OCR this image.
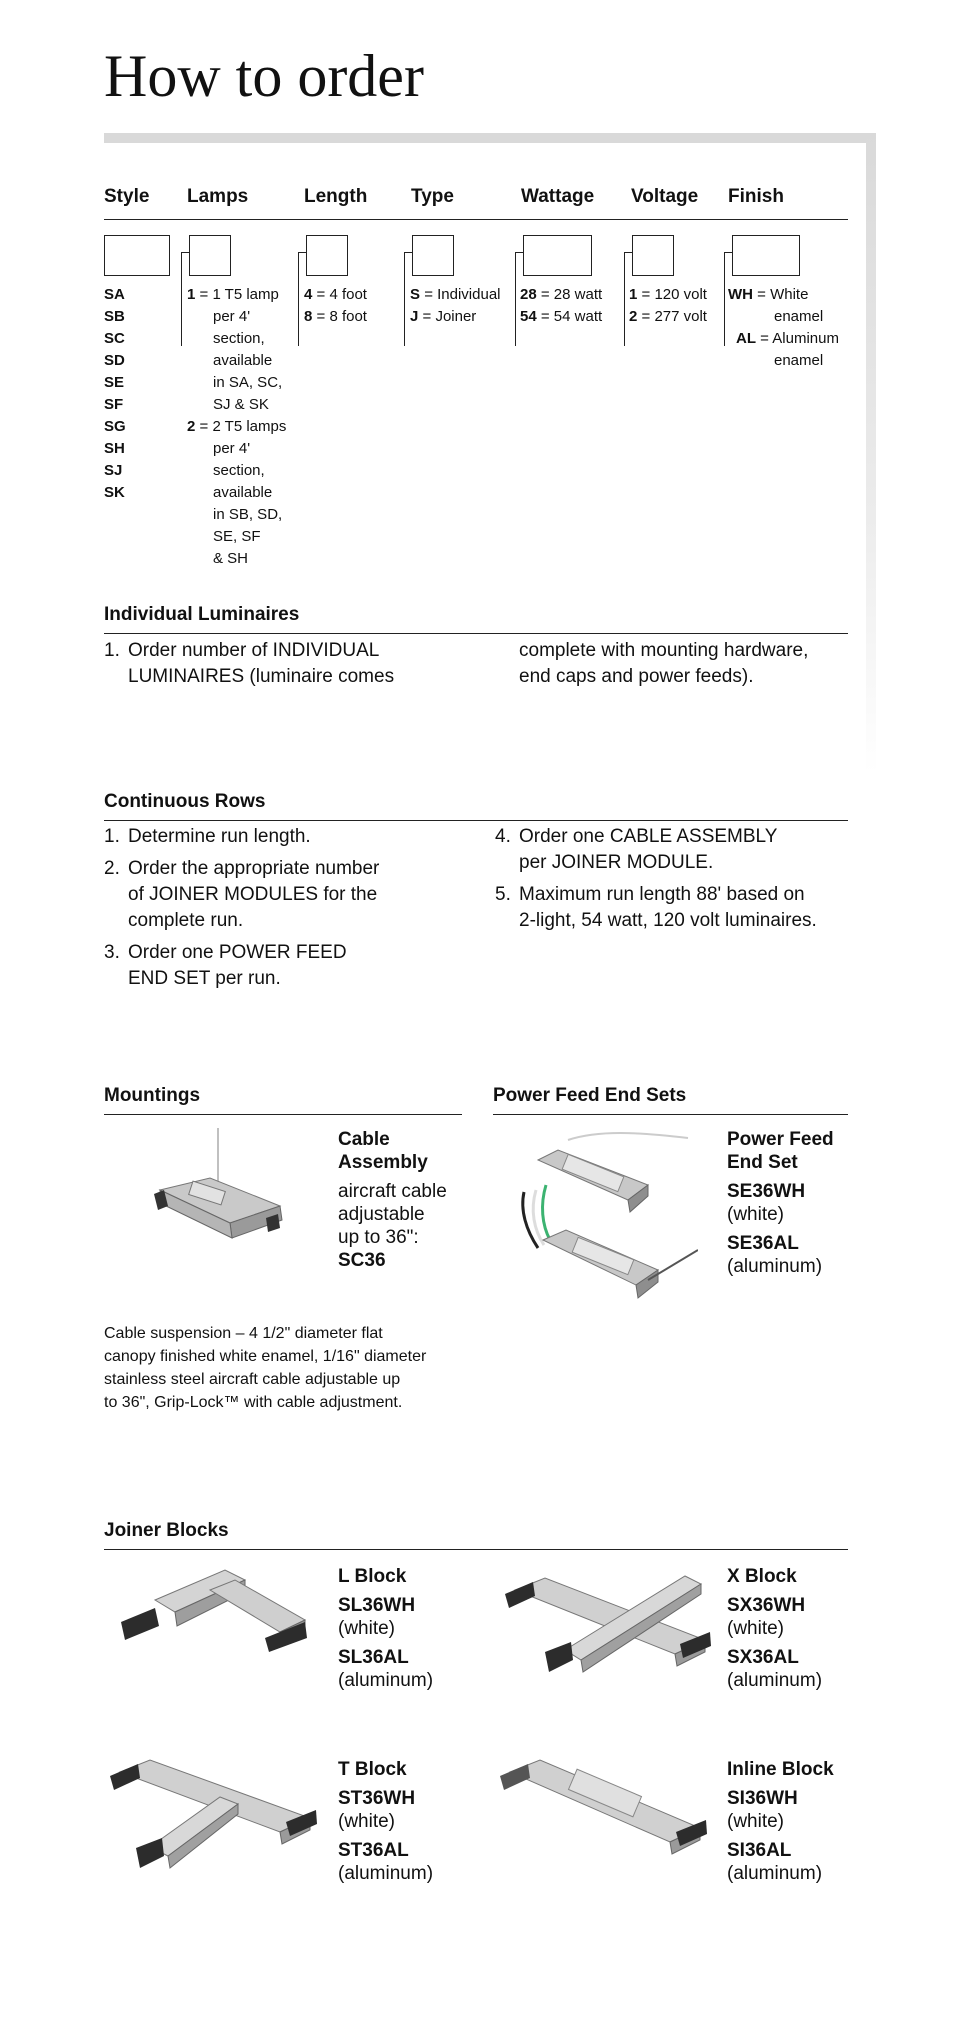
How to order
Style Lamps	Length Type	Wattage Voltage Finish
SA
SB
SC
SD
SE
SF
SG
SH
SJ
SK
1 = 1 T5 lamp
per 4'
section,
available
in SA, SC,
SJ & SK
2 = 2 T5 lamps
per 4'
section,
available
in SB, SD,
SE, SF
& SH
4 = 4 foot
8 = 8 foot
S = Individual
J = Joiner
28 = 28 watt
54 = 54 watt
1 = 120 volt
2 = 277 volt
WH = White
enamel
AL = Aluminum
enamel
Individual Luminaires
1. Order number of INDIVIDUAL
LUMINAIRES (luminaire comes
complete with mounting hardware,
end caps and power feeds).
Continuous Rows
1. Determine run length.
2. Order the appropriate number
of JOINER MODULES for the
complete run.
3. Order one POWER FEED
END SET per run.
4. Order one CABLE ASSEMBLY
per JOINER MODULE.
5. Maximum run length 88' based on
2-light, 54 watt, 120 volt luminaires.
Mountings
Cable
Assembly
aircraft cable
adjustable
up to 36":
SC36
Cable suspension – 4 1/2" diameter flat
canopy finished white enamel, 1/16" diameter
stainless steel aircraft cable adjustable up
to 36", Grip-Lock™ with cable adjustment.
Power Feed End Sets
Power Feed
End Set
SE36WH
(white)
SE36AL
(aluminum)
Joiner Blocks
L Block
SL36WH
(white)
SL36AL
(aluminum)
X Block
SX36WH
(white)
SX36AL
(aluminum)
T Block
ST36WH
(white)
ST36AL
(aluminum)
Inline Block
SI36WH
(white)
SI36AL
(aluminum)
